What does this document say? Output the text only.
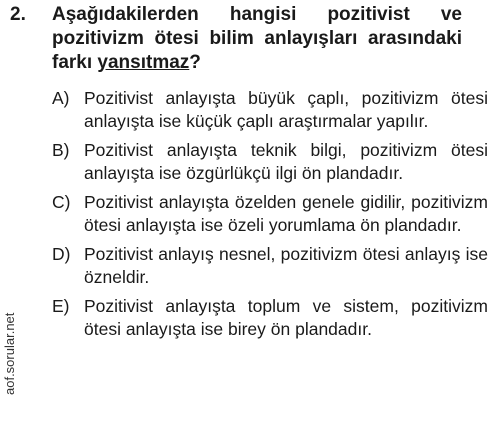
aof.sorular.net
2.	Aşağıdakilerden hangisi pozitivist ve pozitivizm ötesi bilim anlayışları arasındaki farkı yansıtmaz?
A) Pozitivist anlayışta büyük çaplı, pozitivizm ötesi anlayışta ise küçük çaplı araştırmalar yapılır.
B) Pozitivist anlayışta teknik bilgi, pozitivizm ötesi anlayışta ise özgürlükçü ilgi ön plandadır.
C) Pozitivist anlayışta özelden genele gidilir, pozitivizm ötesi anlayışta ise özeli yorumlama ön plandadır.
D) Pozitivist anlayış nesnel, pozitivizm ötesi anlayış ise özneldir.
E) Pozitivist anlayışta toplum ve sistem, pozitivizm ötesi anlayışta ise birey ön plandadır.
